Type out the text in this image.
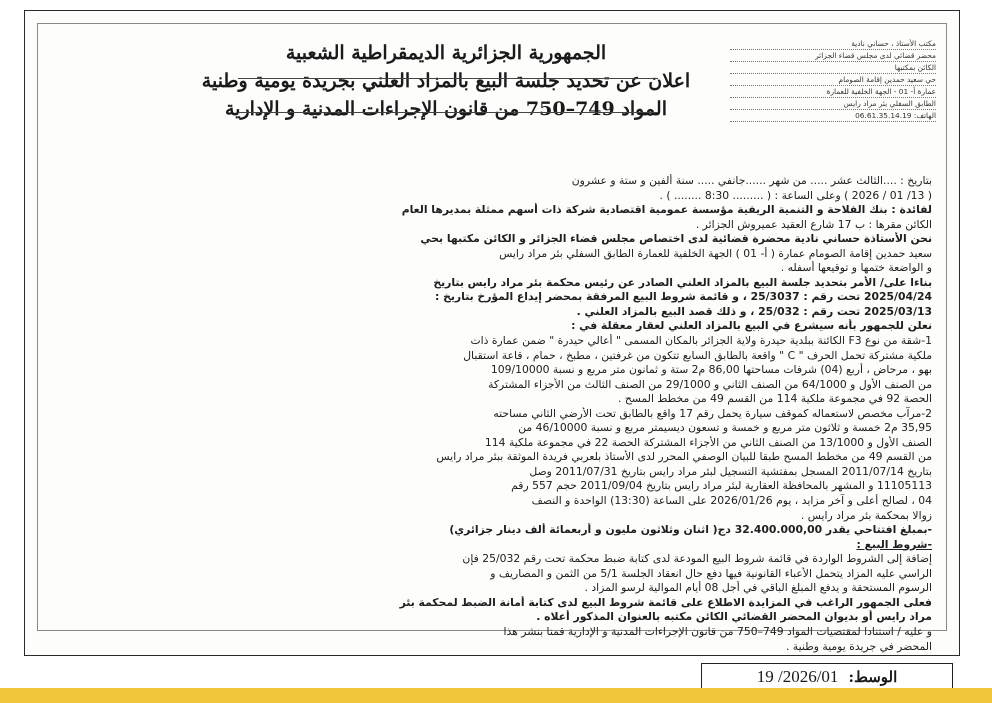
مكتب الأستاذ ، حساني نادية
محضر قضائي لدى مجلس قضاء الجزائر
الكائن بمكتبها
حي سعيد حمدين إقامة الصومام
عمارة أ- 01 - الجهة الخلفية للعمارة
الطابق السفلي بئر مراد رايس
الهاتف: 06.61.35.14.19
الجمهورية الجزائرية الديمقراطية الشعبية
اعلان عن تحديد جلسة البيع بالمزاد العلني بجريدة يومية وطنية
المواد 749–750 من قانون الإجراءات المدنية و الإدارية

بتاريخ : ....الثالث عشر ..... من شهر ......جانفي ..... سنة ألفين و ستة و عشرون

( 13/ 01 / 2026 ) وعلى الساعة : ( ......... 8:30 ........ ) .

لفائدة : بنك الفلاحة و التنمية الريفية مؤسسة عمومية اقتصادية شركة ذات أسهم ممثلة بمديرها العام

الكائن مقرها : ب 17 شارع العقيد عميروش الجزائر .

نحن الأستاذة حساني نادية محضرة قضائية لدى اختصاص مجلس قضاء الجزائر و الكائن مكتبها بحي

سعيد حمدين إقامة الصومام عمارة ( أ- 01 ) الجهة الخلفية للعمارة الطابق السفلي بئر مراد رايس

و الواضعة ختمها و توقيعها أسفله .

بناءا على/ الأمر بتحديد جلسة البيع بالمزاد العلني الصادر عن رئيس محكمة بئر مراد رايس بتاريخ

2025/04/24 تحت رقم : 25/3037 ، و قائمة شروط البيع المرفقة بمحضر إيداع المؤرخ بتاريخ :

2025/03/13 تحت رقم : 25/032 ، و ذلك قصد البيع بالمزاد العلني .

نعلن للجمهور بأنه سيشرع في البيع بالمزاد العلني لعقار معقلة في :

1-شقة من نوع F3 الكائنة ببلدية حيدرة ولاية الجزائر بالمكان المسمى " أعالي حيدرة " ضمن عمارة ذات

ملكية مشتركة تحمل الحرف " C " واقعة بالطابق السابع تتكون من غرفتين ، مطبخ ، حمام ، قاعة استقبال

بهو ، مرحاض ، أربع (04) شرفات مساحتها 86,00 م2 ستة و ثمانون متر مربع و نسبة 109/10000

من الصنف الأول و 64/1000 من الصنف الثاني و 29/1000 من الصنف الثالث من الأجزاء المشتركة

الحصة 92 في مجموعة ملكية 114 من القسم 49 من مخطط المسح .

2-مرآب مخصص لاستعماله كموقف سيارة يحمل رقم 17 واقع بالطابق تحت الأرضي الثاني مساحته

35,95 م2 خمسة و ثلاثون متر مربع و خمسة و تسعون ديسيمتر مربع و نسبة 46/10000 من

الصنف الأول و 13/1000 من الصنف الثاني من الأجزاء المشتركة الحصة 22 في مجموعة ملكية 114

من القسم 49 من مخطط المسح طبقا للبيان الوصفي المحرر لدى الأستاذ بلعربي فريدة الموثقة ببئر مراد رايس

بتاريخ 2011/07/14 المسجل بمفتشية التسجيل لبئر مراد رايس بتاريخ 2011/07/31 وصل

11105113 و المشهر بالمحافظة العقارية لبئر مراد رايس بتاريخ 2011/09/04 حجم 557 رقم

04 ، لصالح أعلى و آخر مزايد ، يوم 2026/01/26 على الساعة (13:30) الواحدة و النصف

زوالا بمحكمة بئر مراد رايس .

-بمبلغ افتتاحي يقدر 32.400.000,00 دج( اثنان وثلاثون مليون و أربعمائة ألف دينار جزائري)

-شروط البيع :

إضافة إلى الشروط الواردة في قائمة شروط البيع المودعة لدى كتابة ضبط محكمة تحت رقم 25/032 فإن

الراسي عليه المزاد يتحمل الأعباء القانونية فيها دفع حال انعقاد الجلسة 5/1 من الثمن و المصاريف و

الرسوم المستحقة و يدفع المبلغ الباقي في أجل 08 أيام الموالية لرسو المزاد .

فعلى الجمهور الراغب في المزايدة الاطلاع على قائمة شروط البيع لدى كتابة أمانة الضبط لمحكمة بئر

مراد رايس أو بديوان المحضر القضائي الكائن مكتبه بالعنوان المذكور أعلاه .

و عليه / استنادا لمقتضيات المواد 749–750 من قانون الإجراءات المدنية و الإدارية قمنا بنشر هذا

المحضر في جريدة يومية وطنية .

الوسط:
2026/01/ 19
